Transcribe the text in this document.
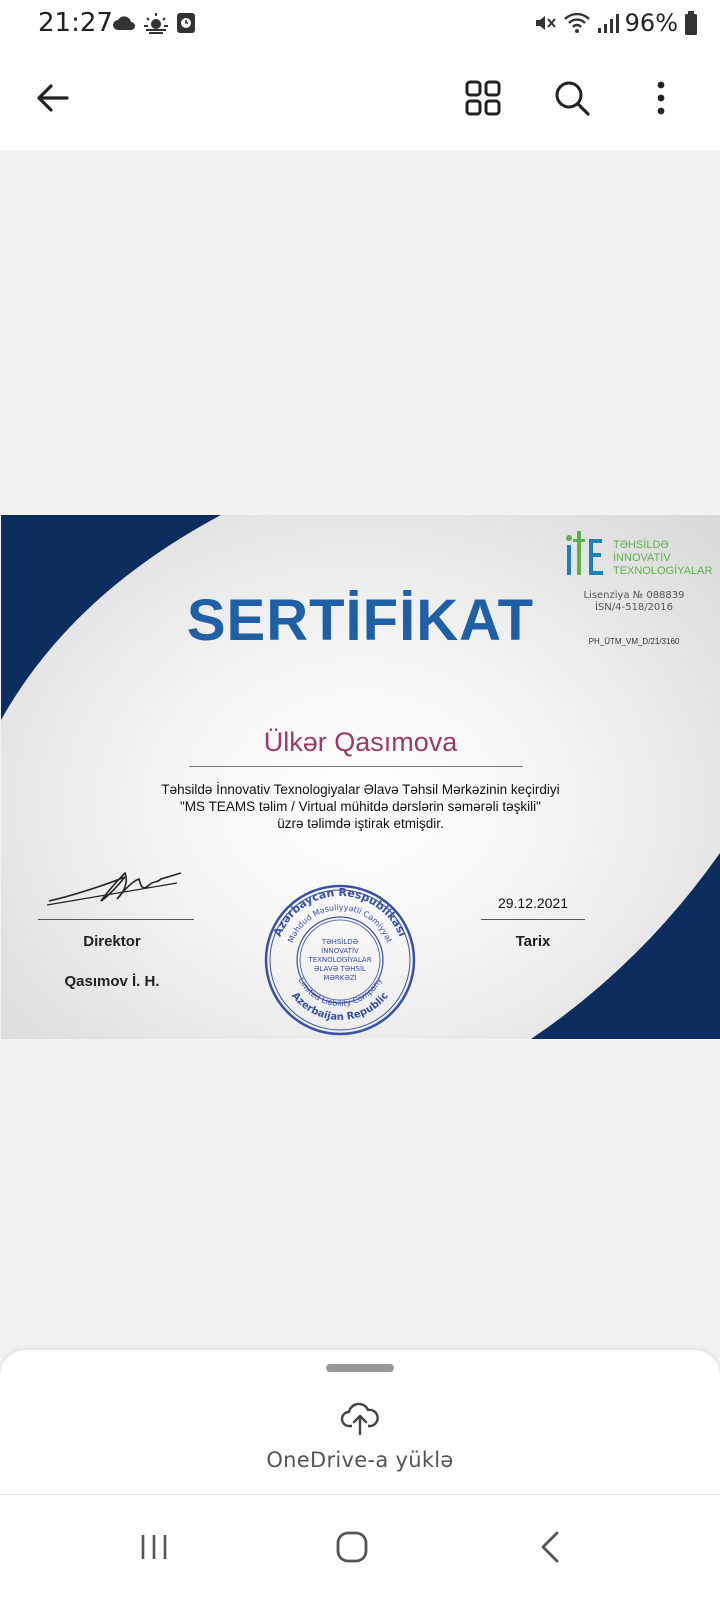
21:27	96%
SERTİFİKAT
TƏHSİLDƏ
İNNOVATİV
TEXNOLOGİYALAR
Lisenziya № 088839
İSN/4-518/2016
PH_ÜTM_VM_D/21/3160
Ülkər Qasımova
Təhsildə İnnovativ Texnologiyalar Əlavə Təhsil Mərkəzinin keçirdiyi
"MS TEAMS təlim / Virtual mühitdə dərslərin səmərəli təşkili"
üzrə təlimdə iştirak etmişdir.
Direktor
Qasımov İ. H.
29.12.2021
Tarix
Azərbaycan Respublikası
Məhdud Məsuliyyətli Cəmiyyət
Limited Liability Company
Azerbaijan Republic
TƏHSİLDƏ
İNNOVATİV
TEXNOLOGİYALAR
ƏLAVƏ TƏHSİL
MƏRKƏZİ
OneDrive-a yüklə
